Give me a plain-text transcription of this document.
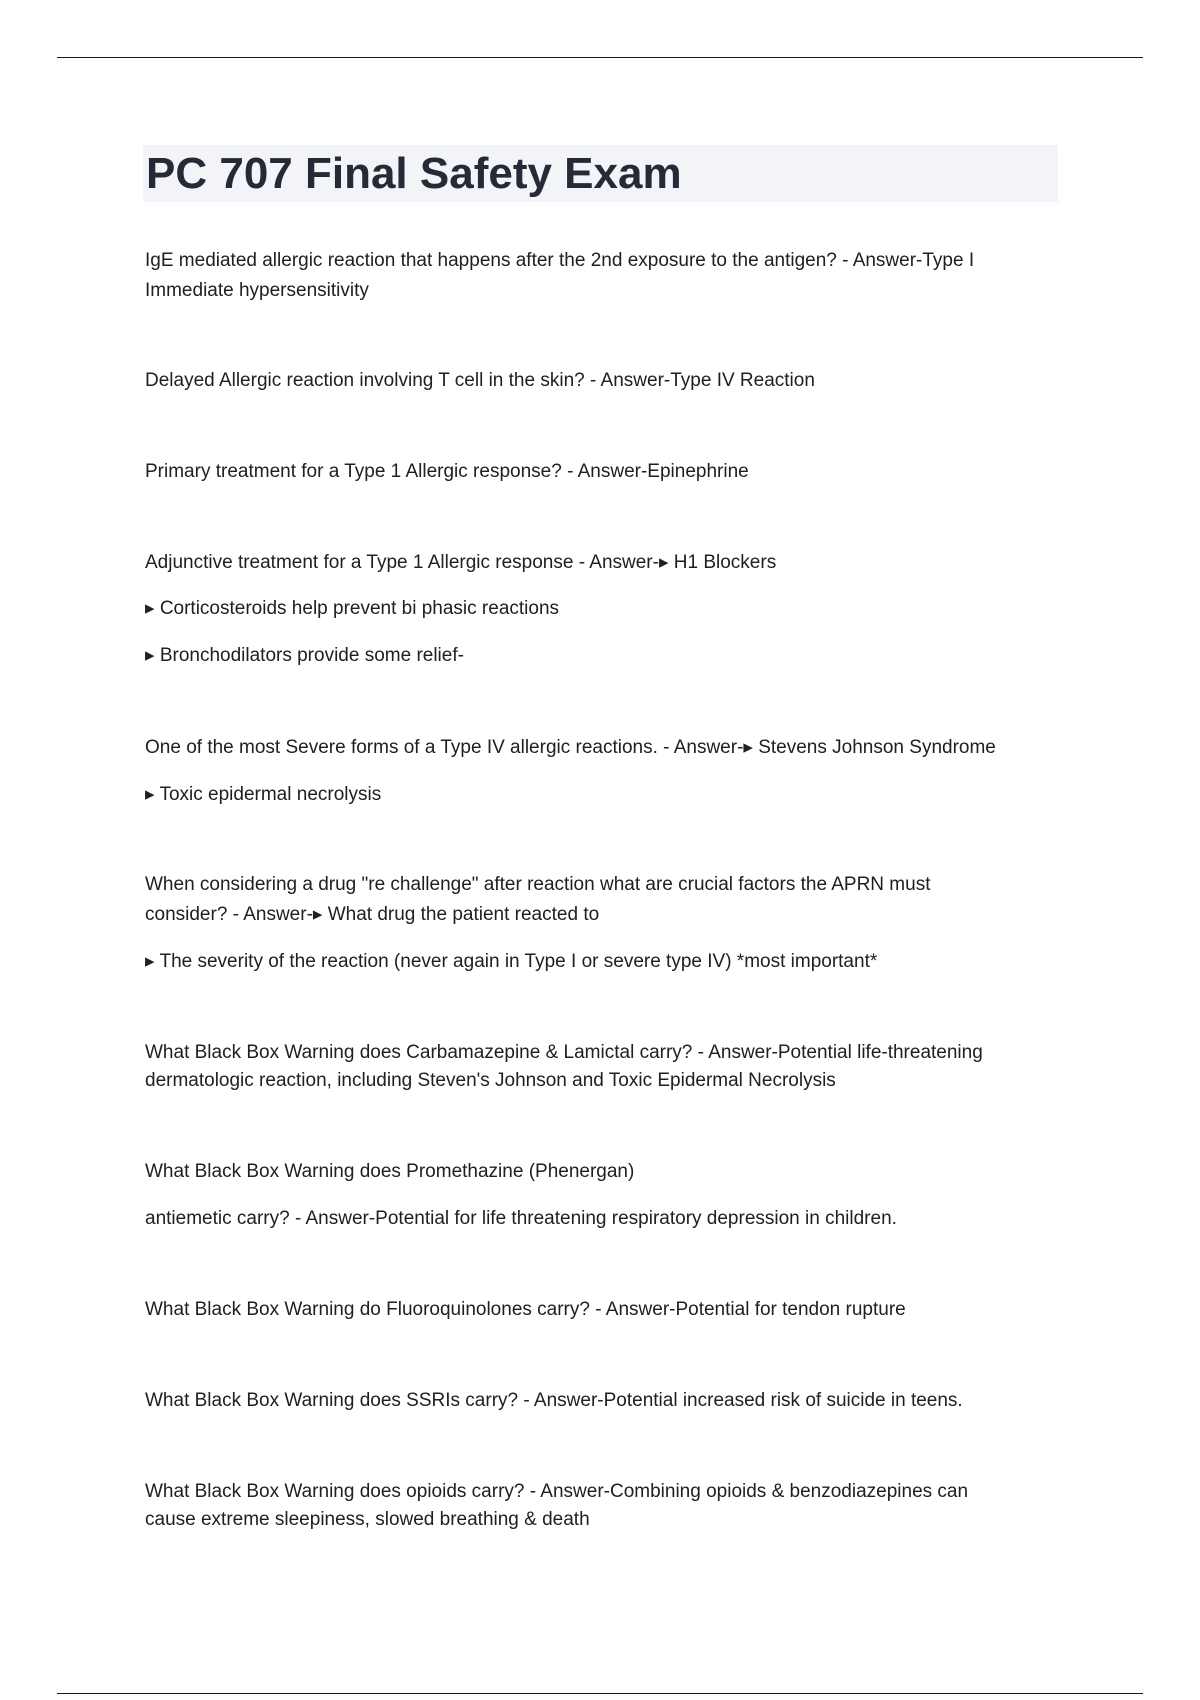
PC 707 Final Safety Exam
IgE mediated allergic reaction that happens after the 2nd exposure to the antigen? - Answer-Type I
Immediate hypersensitivity
Delayed Allergic reaction involving T cell in the skin? - Answer-Type IV Reaction
Primary treatment for a Type 1 Allergic response? - Answer-Epinephrine
Adjunctive treatment for a Type 1 Allergic response - Answer-▸ H1 Blockers
▸ Corticosteroids help prevent bi phasic reactions
▸ Bronchodilators provide some relief-
One of the most Severe forms of a Type IV allergic reactions. - Answer-▸ Stevens Johnson Syndrome
▸ Toxic epidermal necrolysis
When considering a drug "re challenge" after reaction what are crucial factors the APRN must
consider? - Answer-▸ What drug the patient reacted to
▸ The severity of the reaction (never again in Type I or severe type IV) *most important*
What Black Box Warning does Carbamazepine & Lamictal carry? - Answer-Potential life-threatening
dermatologic reaction, including Steven's Johnson and Toxic Epidermal Necrolysis
What Black Box Warning does Promethazine (Phenergan)
antiemetic carry? - Answer-Potential for life threatening respiratory depression in children.
What Black Box Warning do Fluoroquinolones carry? - Answer-Potential for tendon rupture
What Black Box Warning does SSRIs carry? - Answer-Potential increased risk of suicide in teens.
What Black Box Warning does opioids carry? - Answer-Combining opioids & benzodiazepines can
cause extreme sleepiness, slowed breathing & death
